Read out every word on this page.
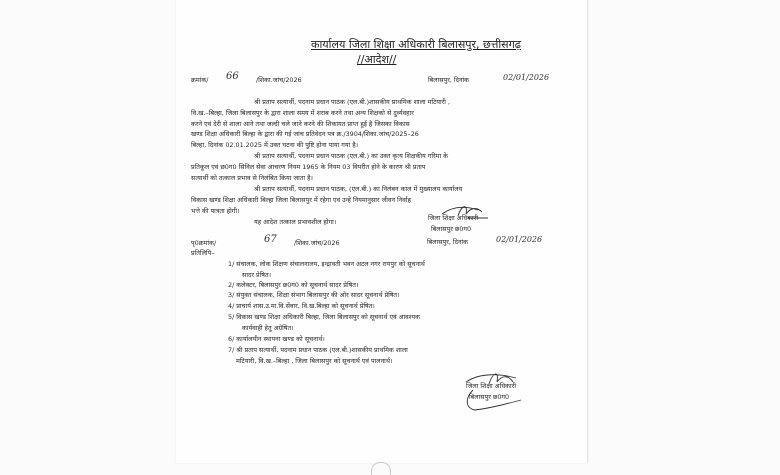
कार्यालय जिला शिक्षा अधिकारी बिलासपुर, छत्तीसगढ़
//आदेश//
क्रमांक/ 66	/शिका.जांच/2026	बिलासपुर, दिनांक	02/01/2026
श्री प्रताप सत्यार्थी, पदनाम प्रधान पाठक (एल.बी.)शासकीय प्राथमिक शाला मटियारी ,
वि.ख.–बिल्हा, जिला बिलासपुर के द्वारा शाला समय में शराब करने तथा अन्य शिक्षको से दुर्व्यवहार
करने एवं देरी से शाला आने तथा जल्दी चले जाने करने की शिकायत प्राप्त हुई है जिसका विकास
खण्ड शिक्षा अधिकारी बिल्हा के द्वारा की गई जांच प्रतिवेदन पत्र क्र./3904/शिका.जांच/2025–26
बिल्हा, दिनांक 02.01.2025 में उक्त घटना की पुष्टि होना पाया गया है।
श्री प्रताप सत्यार्थी, पदनाम प्रधान पाठक (एल.बी.) का उक्त कृत्य शिक्षकीय गरिमा के
प्रतिकूल एवं छ0ग0 सिविल सेवा आचरण नियम 1965 के नियम 03 विपरीत होने के कारण श्री प्रताप
सत्यार्थी को तत्काल प्रभाव से निलंबित किया जाता है।
श्री प्रताप सत्यार्थी, पदनाम प्रधान पाठक, (एल.बी.) का निलंबन काल में मुख्यालय कार्यालय
विकास खण्ड शिक्षा अधिकारी बिल्हा जिला बिलासपुर में रहेगा एवं उन्हे नियमानुसार जीवन निर्वाह
भत्ते की पात्रता होगी।
यह आदेश तत्काल प्रभावशील होगा।	जिला शिक्षा अधिकारी
बिलासपुर छ0ग0
पृ0क्रमांक/	67	/शिका.जांच/2026	बिलासपुर, दिनांक	02/01/2026
प्रतिलिपि–
1/ संचालक, लोक शिक्षण संचालनालय, इन्द्रावती भवन अटल नगर रायपुर को सूचनार्थ
सादर प्रेषित।
2/ कलेक्टर, बिलासपुर छ0ग0 को सूचनार्थ सादर प्रेषित।
3/ संयुक्त संचालक, शिक्षा संभाग बिलासपुर की ओर सादर सूचनार्थ प्रेषित।
4/ प्राचार्य शास.उ.मा.वि.सेंवार, वि.ख.बिल्हा को सूचनार्थ प्रेषित।
5/ विकास खण्ड शिक्षा अधिकारी बिल्हा, जिला बिलासपुर को सूचनार्थ एवं आवश्यक
कार्यवाही हेतु अग्रेषित।
6/ कार्यालयीन स्थापना खण्ड को सूचनार्थ।
7/ श्री प्रताप सत्यार्थी, पदनाम प्रधान पाठक (एल.बी.)शासकीय प्राथमिक शाला
मटियारी, वि.ख.–बिल्हा , जिला बिलासपुर को सूचनार्थ एवं पालनार्थ।
जिला शिक्षा अधिकारी
बिलासपुर छ0ग0
